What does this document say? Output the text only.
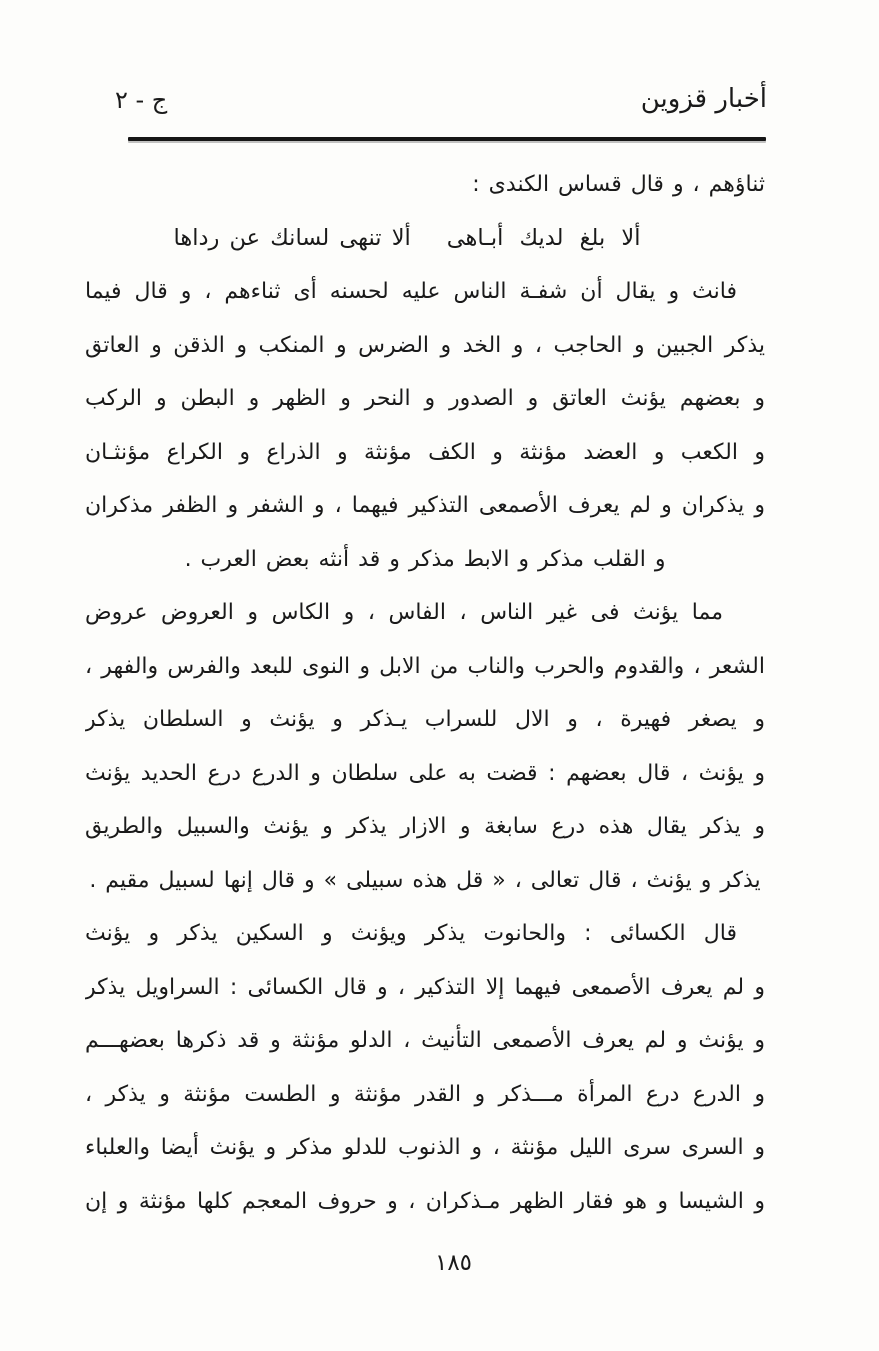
أخبار قزوين
ج - ٢
ثناؤهم ، و قال قساس الكندى :
ألا بلغ لديك أبـاهى
ألا تنهى لسانك عن رداها
فانث و يقال أن شفـة الناس عليه لحسنه أى ثناءهم ، و قال فيما
يذكر الجبين و الحاجب ، و الخد و الضرس و المنكب و الذقن و العاتق
و بعضهم يؤنث العاتق و الصدور و النحر و الظهر و البطن و الركب
و الكعب و العضد مؤنثة و الكف مؤنثة و الذراع و الكراع مؤنثـان
و يذكران و لم يعرف الأصمعى التذكير فيهما ، و الشفر و الظفر مذكران
و القلب مذكر و الابط مذكر و قد أنثه بعض العرب .
مما يؤنث فى غير الناس ، الفاس ، و الكاس و العروض عروض
الشعر ، والقدوم والحرب والناب من الابل و النوى للبعد والفرس والفهر ،
و يصغر فهيرة ، و الال للسراب يـذكر و يؤنث و السلطان يذكر
و يؤنث ، قال بعضهم : قضت به على سلطان و الدرع درع الحديد يؤنث
و يذكر يقال هذه درع سابغة و الازار يذكر و يؤنث والسبيل والطريق
يذكر و يؤنث ، قال تعالى ، « قل هذه سبيلى » و قال إنها لسبيل مقيم .
قال الكسائى : والحانوت يذكر ويؤنث و السكين يذكر و يؤنث
و لم يعرف الأصمعى فيهما إلا التذكير ، و قال الكسائى : السراويل يذكر
و يؤنث و لم يعرف الأصمعى التأنيث ، الدلو مؤنثة و قد ذكرها بعضهـــم
و الدرع درع المرأة مـــذكر و القدر مؤنثة و الطست مؤنثة و يذكر ،
و السرى سرى الليل مؤنثة ، و الذنوب للدلو مذكر و يؤنث أيضا والعلباء
و الشيسا و هو فقار الظهر مـذكران ، و حروف المعجم كلها مؤنثة و إن
١٨٥
